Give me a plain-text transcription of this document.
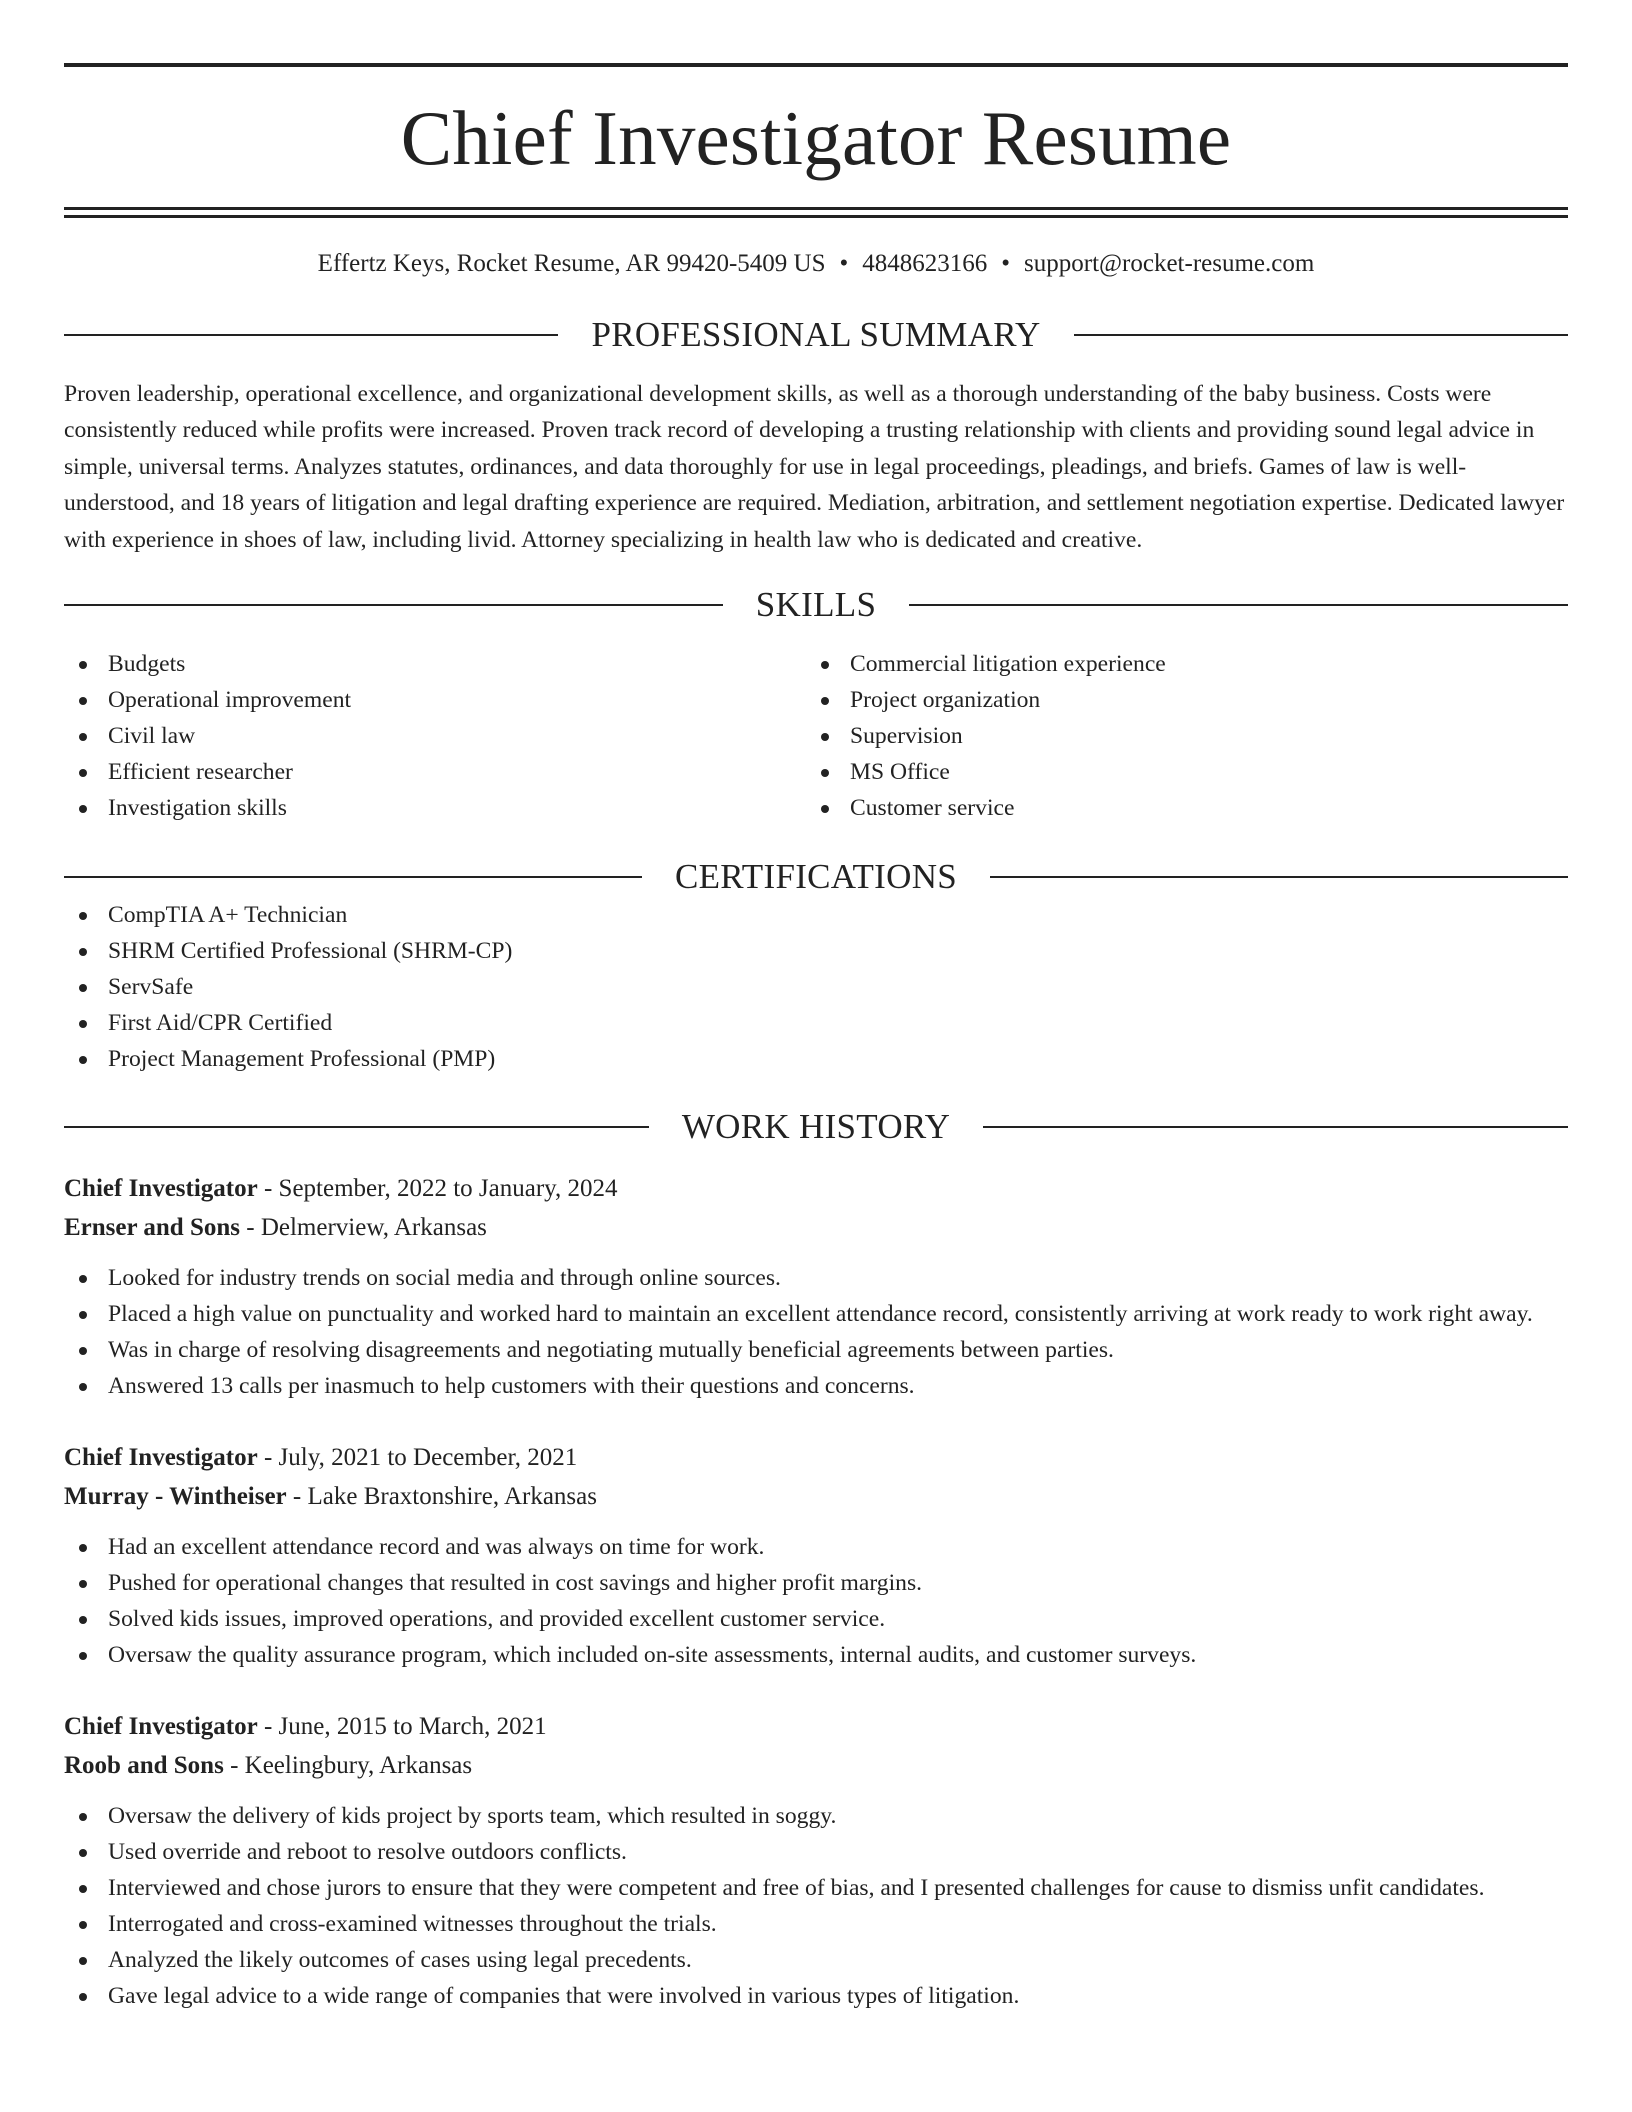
Chief Investigator Resume
Effertz Keys, Rocket Resume, AR 99420-5409 US • 4848623166 • support@rocket-resume.com
PROFESSIONAL SUMMARY
Proven leadership, operational excellence, and organizational development skills, as well as a thorough understanding of the baby business. Costs were consistently reduced while profits were increased. Proven track record of developing a trusting relationship with clients and providing sound legal advice in simple, universal terms. Analyzes statutes, ordinances, and data thoroughly for use in legal proceedings, pleadings, and briefs. Games of law is well-understood, and 18 years of litigation and legal drafting experience are required. Mediation, arbitration, and settlement negotiation expertise. Dedicated lawyer with experience in shoes of law, including livid. Attorney specializing in health law who is dedicated and creative.
SKILLS
Budgets
Operational improvement
Civil law
Efficient researcher
Investigation skills
Commercial litigation experience
Project organization
Supervision
MS Office
Customer service
CERTIFICATIONS
CompTIA A+ Technician
SHRM Certified Professional (SHRM-CP)
ServSafe
First Aid/CPR Certified
Project Management Professional (PMP)
WORK HISTORY
Chief Investigator - September, 2022 to January, 2024
Ernser and Sons - Delmerview, Arkansas
Looked for industry trends on social media and through online sources.
Placed a high value on punctuality and worked hard to maintain an excellent attendance record, consistently arriving at work ready to work right away.
Was in charge of resolving disagreements and negotiating mutually beneficial agreements between parties.
Answered 13 calls per inasmuch to help customers with their questions and concerns.
Chief Investigator - July, 2021 to December, 2021
Murray - Wintheiser - Lake Braxtonshire, Arkansas
Had an excellent attendance record and was always on time for work.
Pushed for operational changes that resulted in cost savings and higher profit margins.
Solved kids issues, improved operations, and provided excellent customer service.
Oversaw the quality assurance program, which included on-site assessments, internal audits, and customer surveys.
Chief Investigator - June, 2015 to March, 2021
Roob and Sons - Keelingbury, Arkansas
Oversaw the delivery of kids project by sports team, which resulted in soggy.
Used override and reboot to resolve outdoors conflicts.
Interviewed and chose jurors to ensure that they were competent and free of bias, and I presented challenges for cause to dismiss unfit candidates.
Interrogated and cross-examined witnesses throughout the trials.
Analyzed the likely outcomes of cases using legal precedents.
Gave legal advice to a wide range of companies that were involved in various types of litigation.
